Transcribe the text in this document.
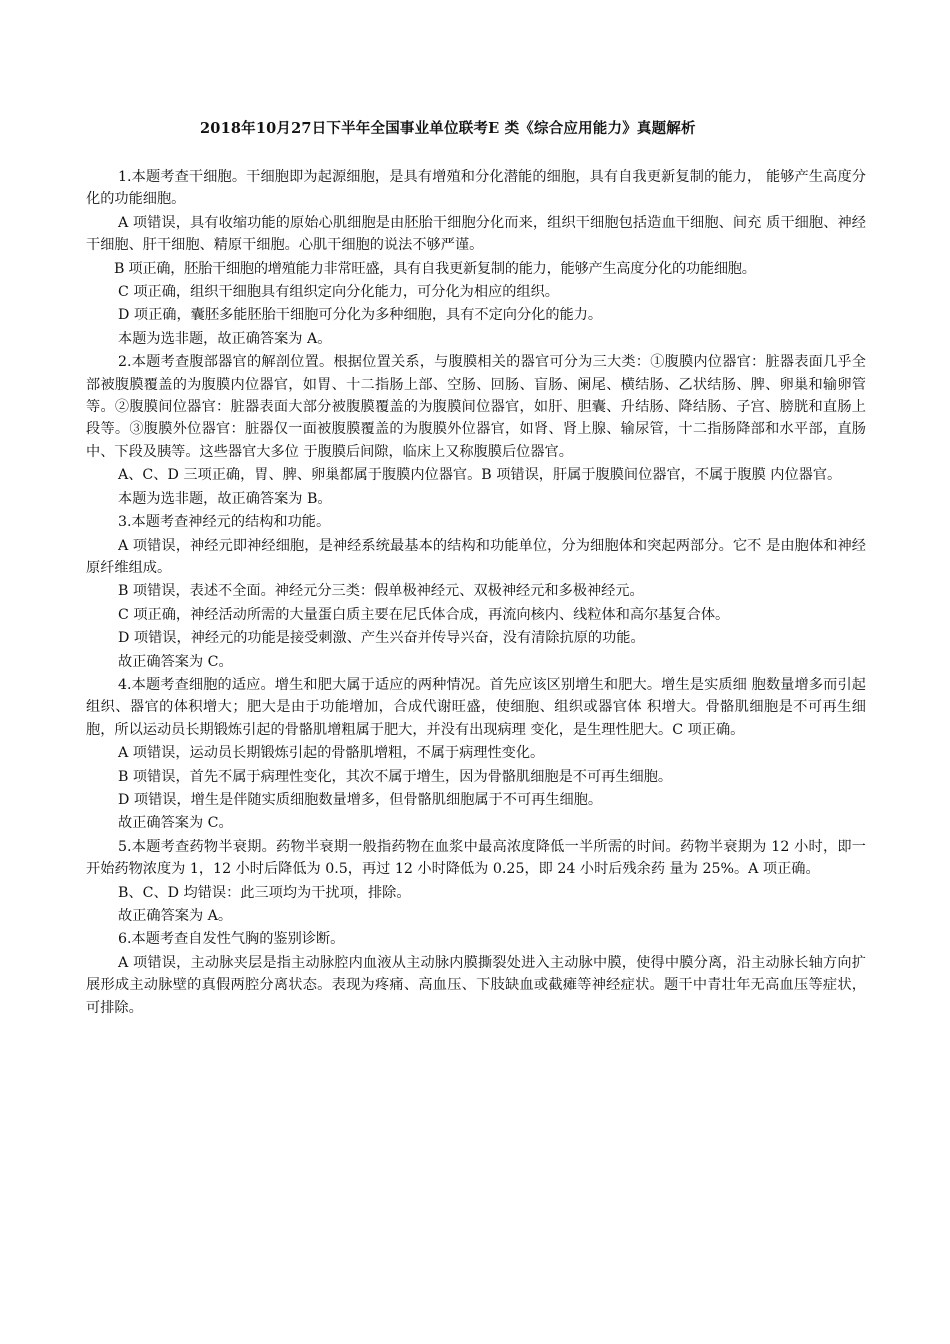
2018年10月27日下半年全国事业单位联考E 类《综合应用能力》真题解析

1.本题考查干细胞。干细胞即为起源细胞，是具有增殖和分化潜能的细胞，具有自我更新复制的能力， 能够产生高度分化的功能细胞。

A 项错误，具有收缩功能的原始心肌细胞是由胚胎干细胞分化而来，组织干细胞包括造血干细胞、间充 质干细胞、神经干细胞、肝干细胞、精原干细胞。心肌干细胞的说法不够严谨。

B 项正确，胚胎干细胞的增殖能力非常旺盛，具有自我更新复制的能力，能够产生高度分化的功能细胞。

C 项正确，组织干细胞具有组织定向分化能力，可分化为相应的组织。

D 项正确，囊胚多能胚胎干细胞可分化为多种细胞，具有不定向分化的能力。

本题为选非题，故正确答案为 A。

2.本题考查腹部器官的解剖位置。根据位置关系，与腹膜相关的器官可分为三大类：①腹膜内位器官：脏器表面几乎全部被腹膜覆盖的为腹膜内位器官，如胃、十二指肠上部、空肠、回肠、盲肠、阑尾、横结肠、乙状结肠、脾、卵巢和输卵管等。②腹膜间位器官：脏器表面大部分被腹膜覆盖的为腹膜间位器官，如肝、胆囊、升结肠、降结肠、子宫、膀胱和直肠上段等。③腹膜外位器官：脏器仅一面被腹膜覆盖的为腹膜外位器官，如肾、肾上腺、输尿管，十二指肠降部和水平部，直肠中、下段及胰等。这些器官大多位 于腹膜后间隙，临床上又称腹膜后位器官。

A、C、D 三项正确，胃、脾、卵巢都属于腹膜内位器官。B 项错误，肝属于腹膜间位器官，不属于腹膜 内位器官。

本题为选非题，故正确答案为 B。

3.本题考查神经元的结构和功能。

A 项错误，神经元即神经细胞，是神经系统最基本的结构和功能单位，分为细胞体和突起两部分。它不 是由胞体和神经原纤维组成。

B 项错误，表述不全面。神经元分三类：假单极神经元、双极神经元和多极神经元。

C 项正确，神经活动所需的大量蛋白质主要在尼氏体合成，再流向核内、线粒体和高尔基复合体。

D 项错误，神经元的功能是接受刺激、产生兴奋并传导兴奋，没有清除抗原的功能。

故正确答案为 C。

4.本题考查细胞的适应。增生和肥大属于适应的两种情况。首先应该区别增生和肥大。增生是实质细 胞数量增多而引起组织、器官的体积增大；肥大是由于功能增加，合成代谢旺盛，使细胞、组织或器官体 积增大。骨骼肌细胞是不可再生细胞，所以运动员长期锻炼引起的骨骼肌增粗属于肥大，并没有出现病理 变化，是生理性肥大。C 项正确。

A 项错误，运动员长期锻炼引起的骨骼肌增粗，不属于病理性变化。

B 项错误，首先不属于病理性变化，其次不属于增生，因为骨骼肌细胞是不可再生细胞。

D 项错误，增生是伴随实质细胞数量增多，但骨骼肌细胞属于不可再生细胞。

故正确答案为 C。

5.本题考查药物半衰期。药物半衰期一般指药物在血浆中最高浓度降低一半所需的时间。药物半衰期为 12 小时，即一开始药物浓度为 1，12 小时后降低为 0.5，再过 12 小时降低为 0.25，即 24 小时后残余药 量为 25%。A 项正确。

B、C、D 均错误：此三项均为干扰项，排除。

故正确答案为 A。

6.本题考查自发性气胸的鉴别诊断。

A 项错误，主动脉夹层是指主动脉腔内血液从主动脉内膜撕裂处进入主动脉中膜，使得中膜分离，沿主动脉长轴方向扩展形成主动脉壁的真假两腔分离状态。表现为疼痛、高血压、下肢缺血或截瘫等神经症状。题干中青壮年无高血压等症状，可排除。
